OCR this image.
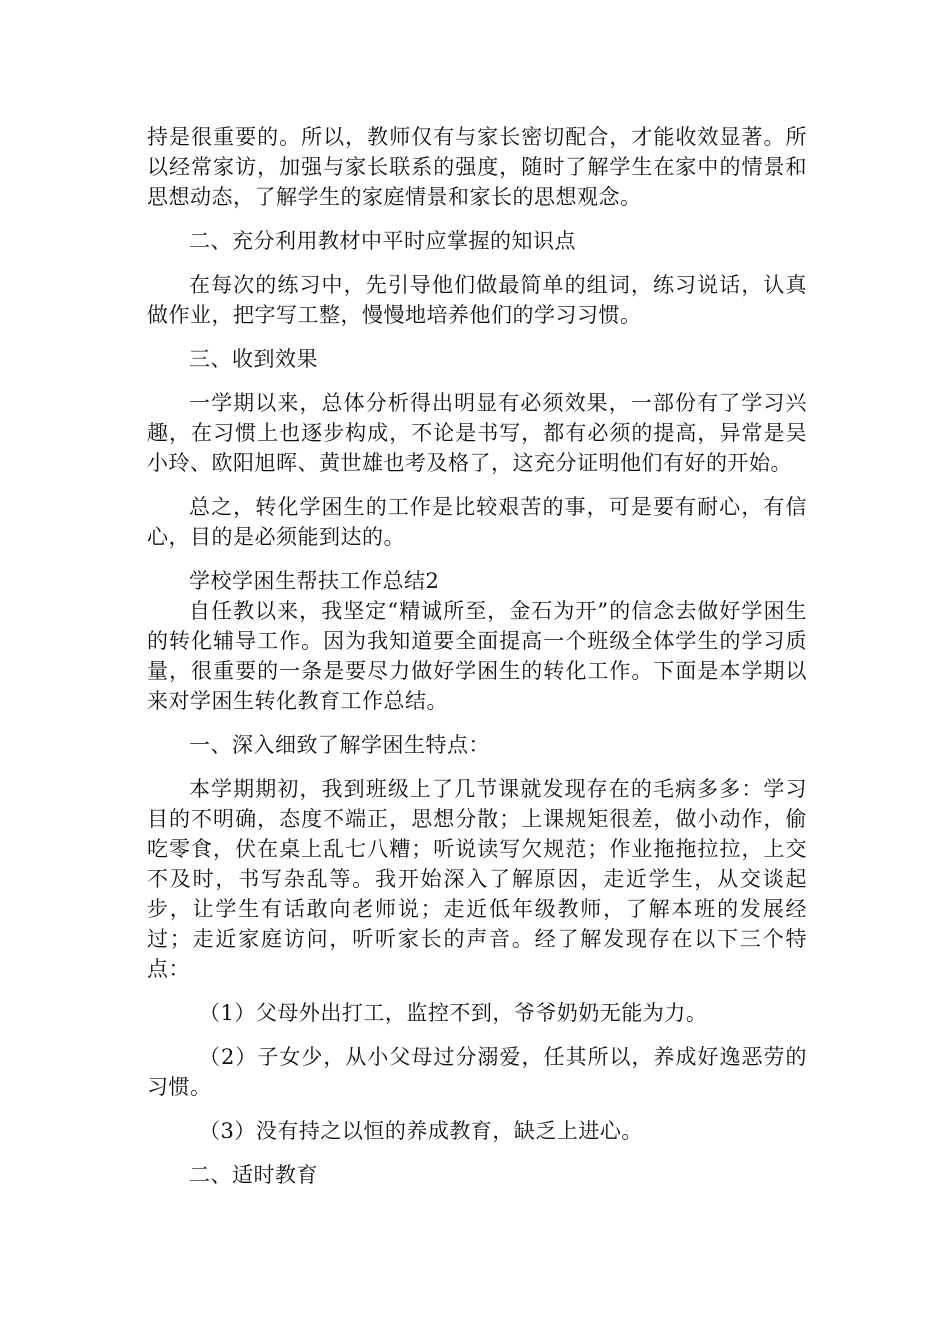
持是很重要的。所以，教师仅有与家长密切配合，才能收效显著。所以经常家访，加强与家长联系的强度，随时了解学生在家中的情景和思想动态，了解学生的家庭情景和家长的思想观念。

二、充分利用教材中平时应掌握的知识点

在每次的练习中，先引导他们做最简单的组词，练习说话，认真做作业，把字写工整，慢慢地培养他们的学习习惯。

三、收到效果

一学期以来，总体分析得出明显有必须效果，一部份有了学习兴趣，在习惯上也逐步构成，不论是书写，都有必须的提高，异常是吴小玲、欧阳旭晖、黄世雄也考及格了，这充分证明他们有好的开始。

总之，转化学困生的工作是比较艰苦的事，可是要有耐心，有信心，目的是必须能到达的。

学校学困生帮扶工作总结2

自任教以来，我坚定“精诚所至，金石为开”的信念去做好学困生的转化辅导工作。因为我知道要全面提高一个班级全体学生的学习质量，很重要的一条是要尽力做好学困生的转化工作。下面是本学期以来对学困生转化教育工作总结。

一、深入细致了解学困生特点：

本学期期初，我到班级上了几节课就发现存在的毛病多多：学习目的不明确，态度不端正，思想分散；上课规矩很差，做小动作，偷吃零食，伏在桌上乱七八糟；听说读写欠规范；作业拖拖拉拉，上交不及时，书写杂乱等。我开始深入了解原因，走近学生，从交谈起步，让学生有话敢向老师说；走近低年级教师，了解本班的发展经过；走近家庭访问，听听家长的声音。经了解发现存在以下三个特点：

（1）父母外出打工，监控不到，爷爷奶奶无能为力。

（2）子女少，从小父母过分溺爱，任其所以，养成好逸恶劳的习惯。

（3）没有持之以恒的养成教育，缺乏上进心。

二、适时教育
